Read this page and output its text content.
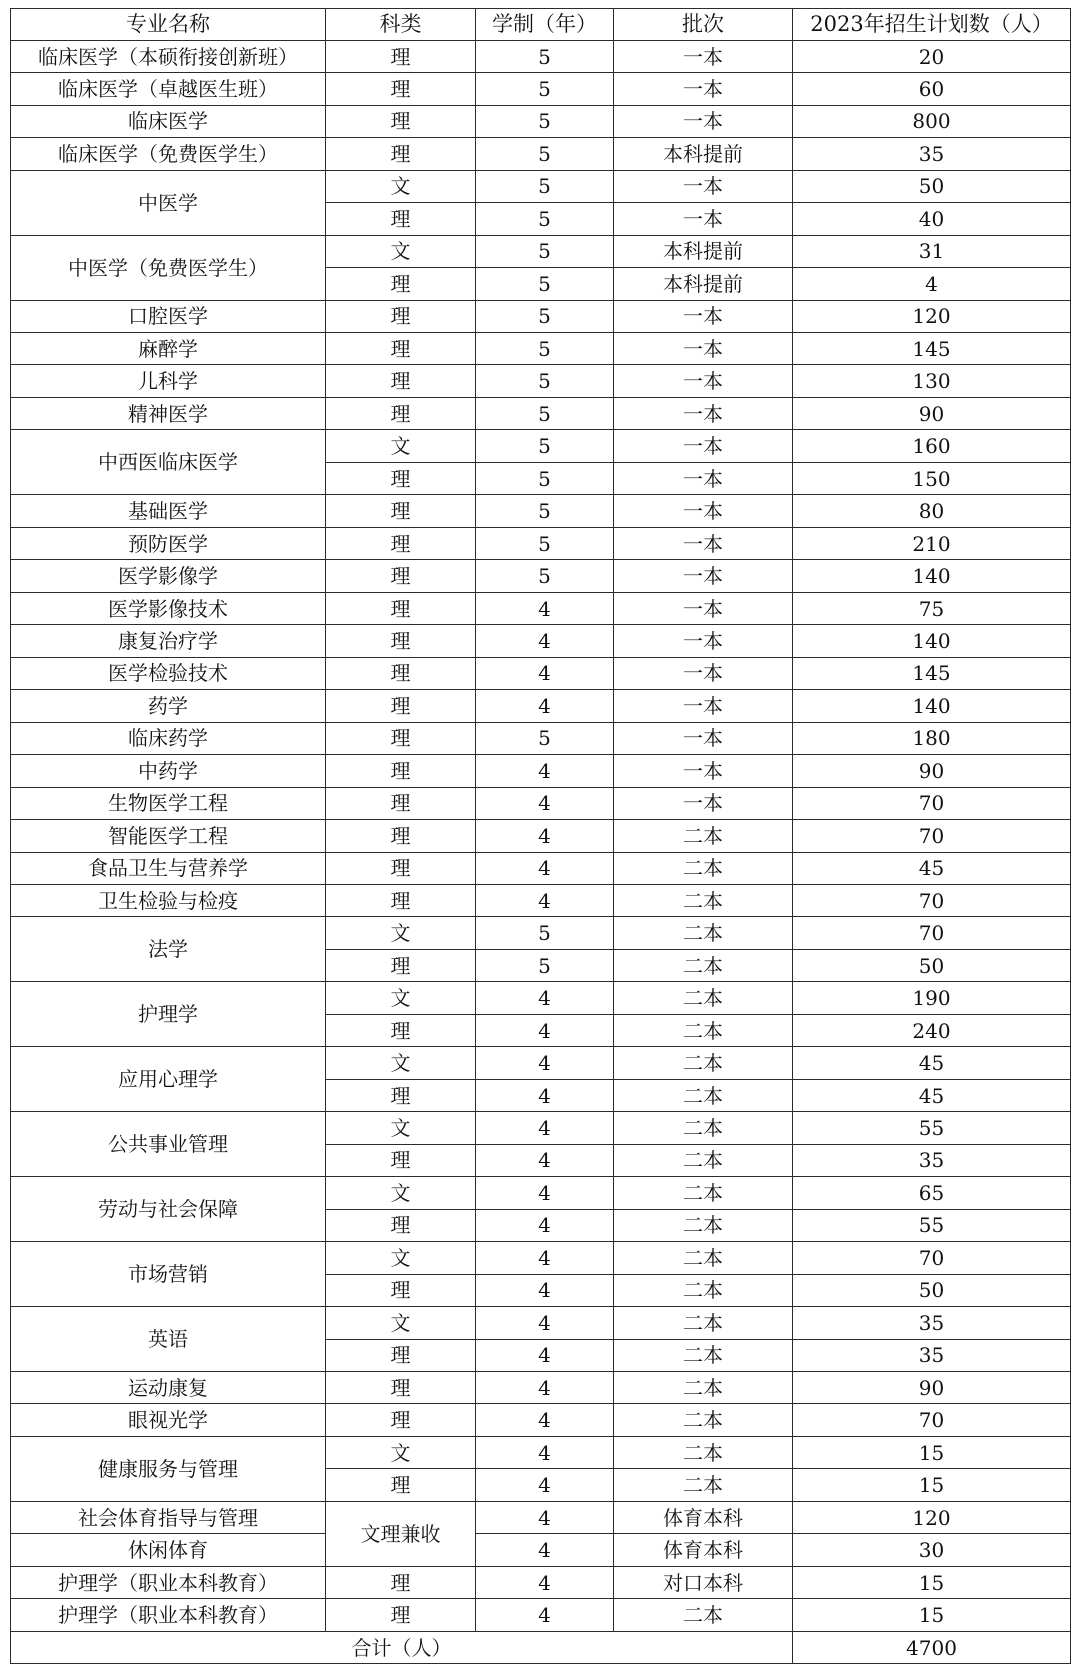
专业名称	科类	学制（年）	批次	2023年招生计划数（人）
临床医学（本硕衔接创新班）	理	5	一本	20
临床医学（卓越医生班）	理	5	一本	60
临床医学	理	5	一本	800
临床医学（免费医学生）	理	5	本科提前	35
中医学	文	5	一本	50
	理	5	一本	40
中医学（免费医学生）	文	5	本科提前	31
	理	5	本科提前	4
口腔医学	理	5	一本	120
麻醉学	理	5	一本	145
儿科学	理	5	一本	130
精神医学	理	5	一本	90
中西医临床医学	文	5	一本	160
	理	5	一本	150
基础医学	理	5	一本	80
预防医学	理	5	一本	210
医学影像学	理	5	一本	140
医学影像技术	理	4	一本	75
康复治疗学	理	4	一本	140
医学检验技术	理	4	一本	145
药学	理	4	一本	140
临床药学	理	5	一本	180
中药学	理	4	一本	90
生物医学工程	理	4	一本	70
智能医学工程	理	4	二本	70
食品卫生与营养学	理	4	二本	45
卫生检验与检疫	理	4	二本	70
法学	文	5	二本	70
	理	5	二本	50
护理学	文	4	二本	190
	理	4	二本	240
应用心理学	文	4	二本	45
	理	4	二本	45
公共事业管理	文	4	二本	55
	理	4	二本	35
劳动与社会保障	文	4	二本	65
	理	4	二本	55
市场营销	文	4	二本	70
	理	4	二本	50
英语	文	4	二本	35
	理	4	二本	35
运动康复	理	4	二本	90
眼视光学	理	4	二本	70
健康服务与管理	文	4	二本	15
	理	4	二本	15
社会体育指导与管理	文理兼收	4	体育本科	120
休闲体育		4	体育本科	30
护理学（职业本科教育）	理	4	对口本科	15
护理学（职业本科教育）	理	4	二本	15
合计（人）				4700
